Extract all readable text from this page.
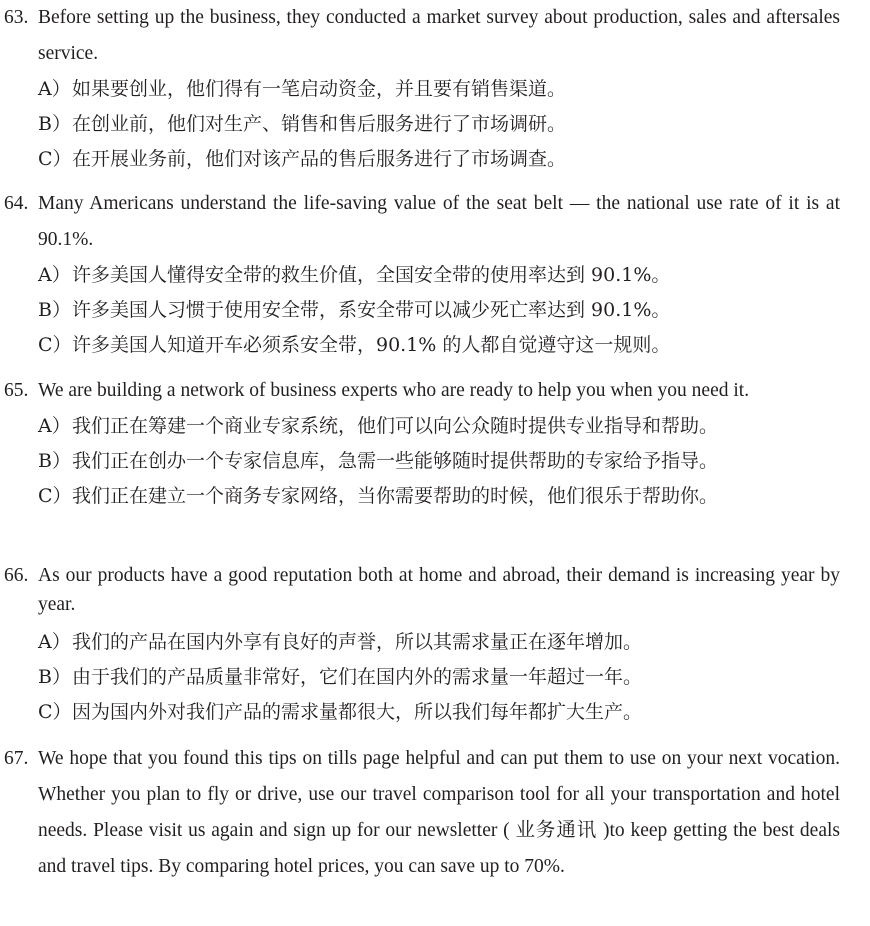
63. Before setting up the business, they conducted a market survey about production, sales and aftersales service.
A）如果要创业，他们得有一笔启动资金，并且要有销售渠道。
B）在创业前，他们对生产、销售和售后服务进行了市场调研。
C）在开展业务前，他们对该产品的售后服务进行了市场调查。
64. Many Americans understand the life-saving value of the seat belt — the national use rate of it is at 90.1%.
A）许多美国人懂得安全带的救生价值，全国安全带的使用率达到 90.1%。
B）许多美国人习惯于使用安全带，系安全带可以减少死亡率达到 90.1%。
C）许多美国人知道开车必须系安全带，90.1% 的人都自觉遵守这一规则。
65. We are building a network of business experts who are ready to help you when you need it.
A）我们正在筹建一个商业专家系统，他们可以向公众随时提供专业指导和帮助。
B）我们正在创办一个专家信息库，急需一些能够随时提供帮助的专家给予指导。
C）我们正在建立一个商务专家网络，当你需要帮助的时候，他们很乐于帮助你。
66. As our products have a good reputation both at home and abroad, their demand is increasing year by year.
A）我们的产品在国内外享有良好的声誉，所以其需求量正在逐年增加。
B）由于我们的产品质量非常好，它们在国内外的需求量一年超过一年。
C）因为国内外对我们产品的需求量都很大，所以我们每年都扩大生产。
67. We hope that you found this tips on tills page helpful and can put them to use on your next vocation. Whether you plan to fly or drive, use our travel comparison tool for all your transportation and hotel needs. Please visit us again and sign up for our newsletter ( 业务通讯 )to keep getting the best deals and travel tips. By comparing hotel prices, you can save up to 70%.
